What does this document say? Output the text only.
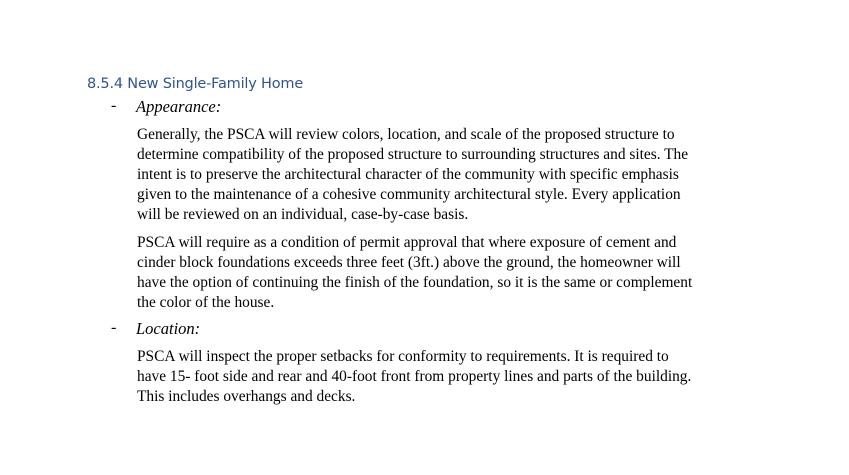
8.5.4 New Single-Family Home
- Appearance:
Generally, the PSCA will review colors, location, and scale of the proposed structure to
determine compatibility of the proposed structure to surrounding structures and sites. The
intent is to preserve the architectural character of the community with specific emphasis
given to the maintenance of a cohesive community architectural style. Every application
will be reviewed on an individual, case-by-case basis.
PSCA will require as a condition of permit approval that where exposure of cement and
cinder block foundations exceeds three feet (3ft.) above the ground, the homeowner will
have the option of continuing the finish of the foundation, so it is the same or complement
the color of the house.
- Location:
PSCA will inspect the proper setbacks for conformity to requirements. It is required to
have 15- foot side and rear and 40-foot front from property lines and parts of the building.
This includes overhangs and decks.
